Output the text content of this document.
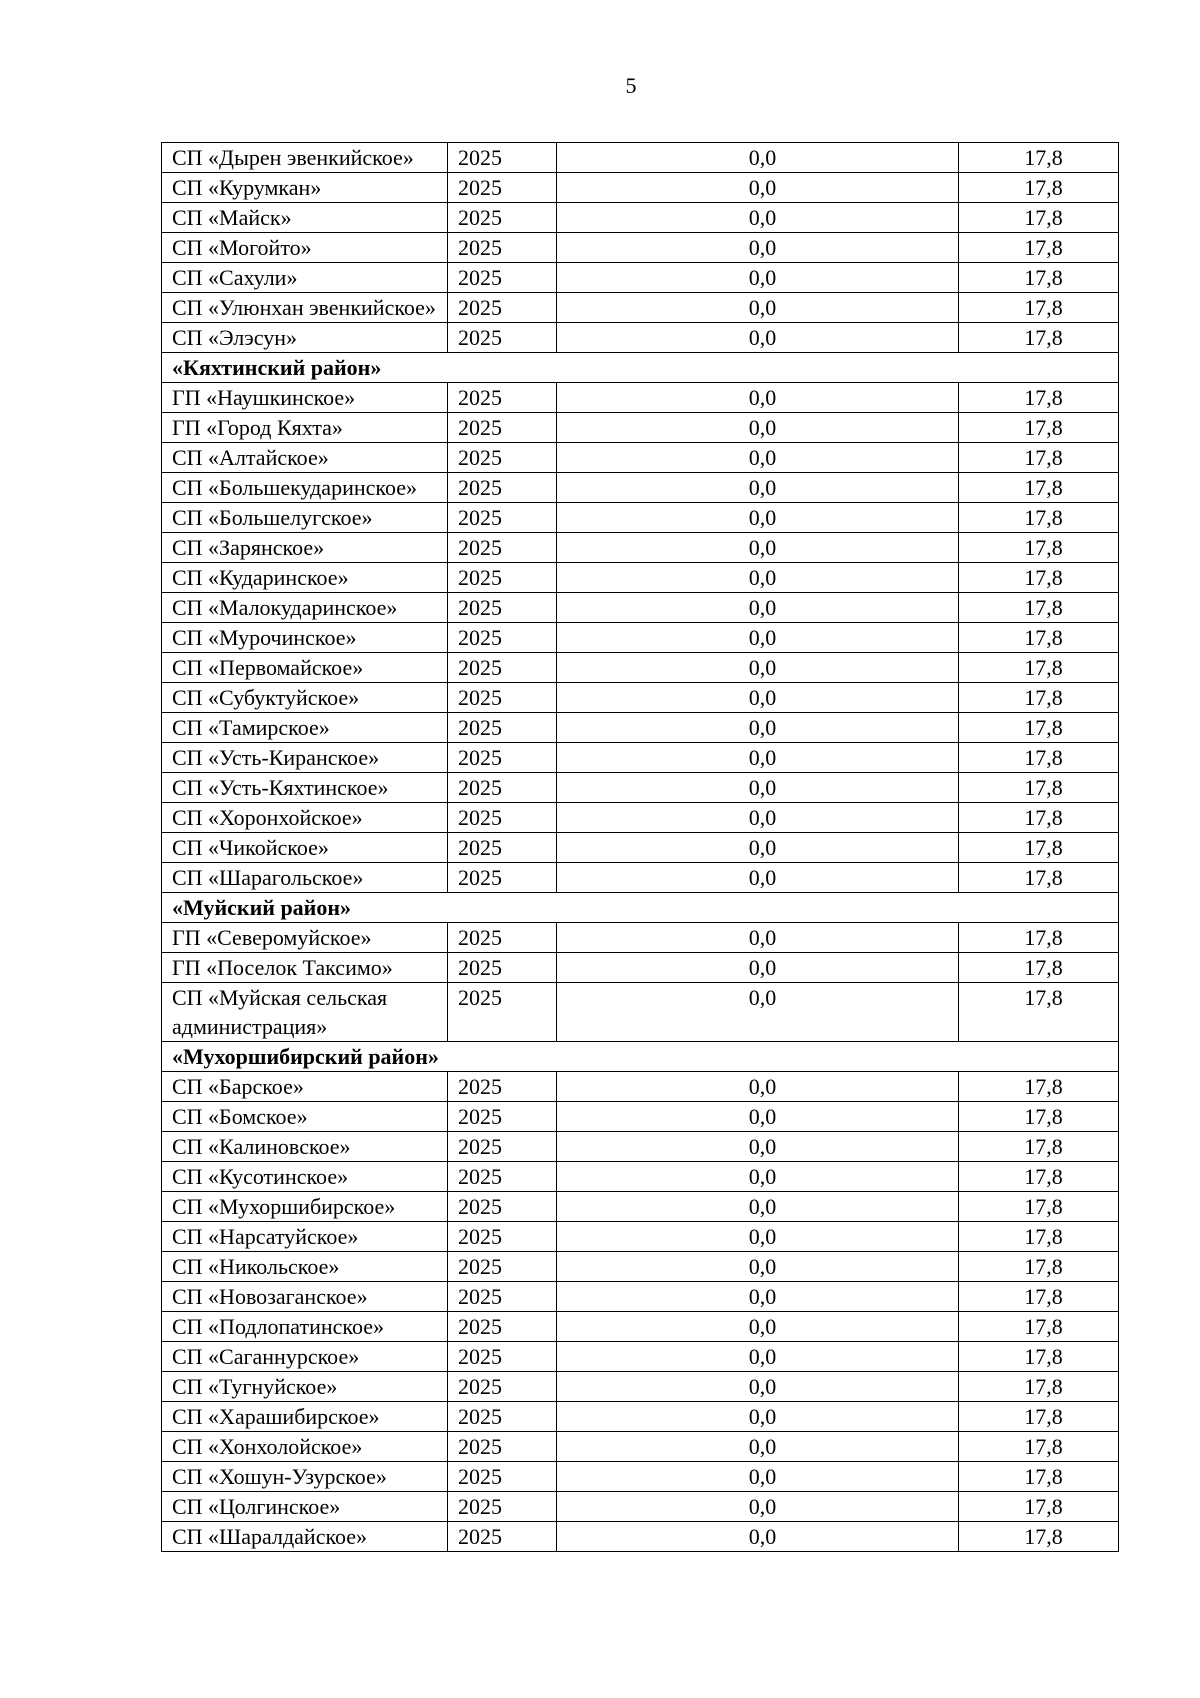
5
СП «Дырен эвенкийское»	2025	0,0	17,8
СП «Курумкан»	2025	0,0	17,8
СП «Майск»	2025	0,0	17,8
СП «Могойто»	2025	0,0	17,8
СП «Сахули»	2025	0,0	17,8
СП «Улюнхан эвенкийское»	2025	0,0	17,8
СП «Элэсун»	2025	0,0	17,8
«Кяхтинский район»			
ГП «Наушкинское»	2025	0,0	17,8
ГП «Город Кяхта»	2025	0,0	17,8
СП «Алтайское»	2025	0,0	17,8
СП «Большекударинское»	2025	0,0	17,8
СП «Большелугское»	2025	0,0	17,8
СП «Зарянское»	2025	0,0	17,8
СП «Кударинское»	2025	0,0	17,8
СП «Малокударинское»	2025	0,0	17,8
СП «Мурочинское»	2025	0,0	17,8
СП «Первомайское»	2025	0,0	17,8
СП «Субуктуйское»	2025	0,0	17,8
СП «Тамирское»	2025	0,0	17,8
СП «Усть-Киранское»	2025	0,0	17,8
СП «Усть-Кяхтинское»	2025	0,0	17,8
СП «Хоронхойское»	2025	0,0	17,8
СП «Чикойское»	2025	0,0	17,8
СП «Шарагольское»	2025	0,0	17,8
«Муйский район»			
ГП «Северомуйское»	2025	0,0	17,8
ГП «Поселок Таксимо»	2025	0,0	17,8
СП «Муйская сельская администрация»	2025	0,0	17,8
«Мухоршибирский район»			
СП «Барское»	2025	0,0	17,8
СП «Бомское»	2025	0,0	17,8
СП «Калиновское»	2025	0,0	17,8
СП «Кусотинское»	2025	0,0	17,8
СП «Мухоршибирское»	2025	0,0	17,8
СП «Нарсатуйское»	2025	0,0	17,8
СП «Никольское»	2025	0,0	17,8
СП «Новозаганское»	2025	0,0	17,8
СП «Подлопатинское»	2025	0,0	17,8
СП «Саганнурское»	2025	0,0	17,8
СП «Тугнуйское»	2025	0,0	17,8
СП «Харашибирское»	2025	0,0	17,8
СП «Хонхолойское»	2025	0,0	17,8
СП «Хошун-Узурское»	2025	0,0	17,8
СП «Цолгинское»	2025	0,0	17,8
СП «Шаралдайское»	2025	0,0	17,8
